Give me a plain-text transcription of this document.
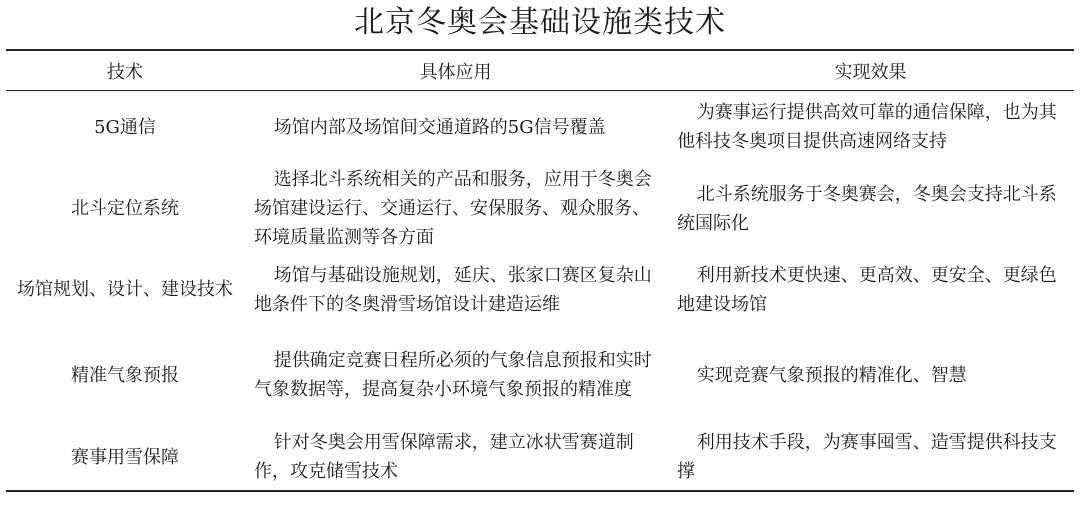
北京冬奥会基础设施类技术
技术	具体应用	实现效果
5G通信	场馆内部及场馆间交通道路的5G信号覆盖	为赛事运行提供高效可靠的通信保障，也为其他科技冬奥项目提供高速网络支持
北斗定位系统	选择北斗系统相关的产品和服务，应用于冬奥会场馆建设运行、交通运行、安保服务、观众服务、环境质量监测等各方面	北斗系统服务于冬奥赛会，冬奥会支持北斗系统国际化
场馆规划、设计、建设技术	场馆与基础设施规划，延庆、张家口赛区复杂山地条件下的冬奥滑雪场馆设计建造运维	利用新技术更快速、更高效、更安全、更绿色地建设场馆
精准气象预报	提供确定竞赛日程所必须的气象信息预报和实时气象数据等，提高复杂小环境气象预报的精准度	实现竞赛气象预报的精准化、智慧
赛事用雪保障	针对冬奥会用雪保障需求，建立冰状雪赛道制作，攻克储雪技术	利用技术手段，为赛事囤雪、造雪提供科技支撑
